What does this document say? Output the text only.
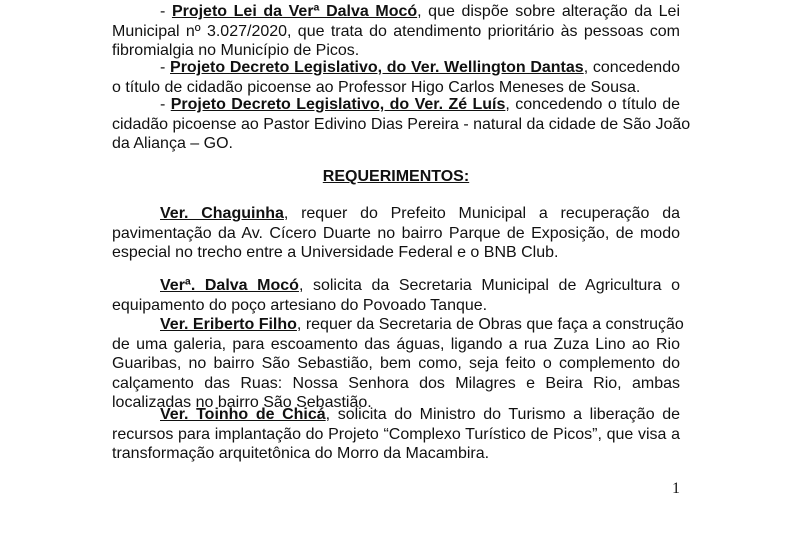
- Projeto Lei da Verª Dalva Mocó, que dispõe sobre alteração da Lei
Municipal nº 3.027/2020, que trata do atendimento prioritário às pessoas com
fibromialgia no Município de Picos.
- Projeto Decreto Legislativo, do Ver. Wellington Dantas, concedendo
o título de cidadão picoense ao Professor Higo Carlos Meneses de Sousa.
- Projeto Decreto Legislativo, do Ver. Zé Luís, concedendo o título de
cidadão picoense ao Pastor Edivino Dias Pereira - natural da cidade de São João
da Aliança – GO.
REQUERIMENTOS:
Ver. Chaguinha, requer do Prefeito Municipal a recuperação da
pavimentação da Av. Cícero Duarte no bairro Parque de Exposição, de modo
especial no trecho entre a Universidade Federal e o BNB Club.
Verª. Dalva Mocó, solicita da Secretaria Municipal de Agricultura o
equipamento do poço artesiano do Povoado Tanque.
Ver. Eriberto Filho, requer da Secretaria de Obras que faça a construção
de uma galeria, para escoamento das águas, ligando a rua Zuza Lino ao Rio
Guaribas, no bairro São Sebastião, bem como, seja feito o complemento do
calçamento das Ruas: Nossa Senhora dos Milagres e Beira Rio, ambas
localizadas no bairro São Sebastião.
Ver. Toinho de Chicá, solicita do Ministro do Turismo a liberação de
recursos para implantação do Projeto “Complexo Turístico de Picos”, que visa a
transformação arquitetônica do Morro da Macambira.
1
